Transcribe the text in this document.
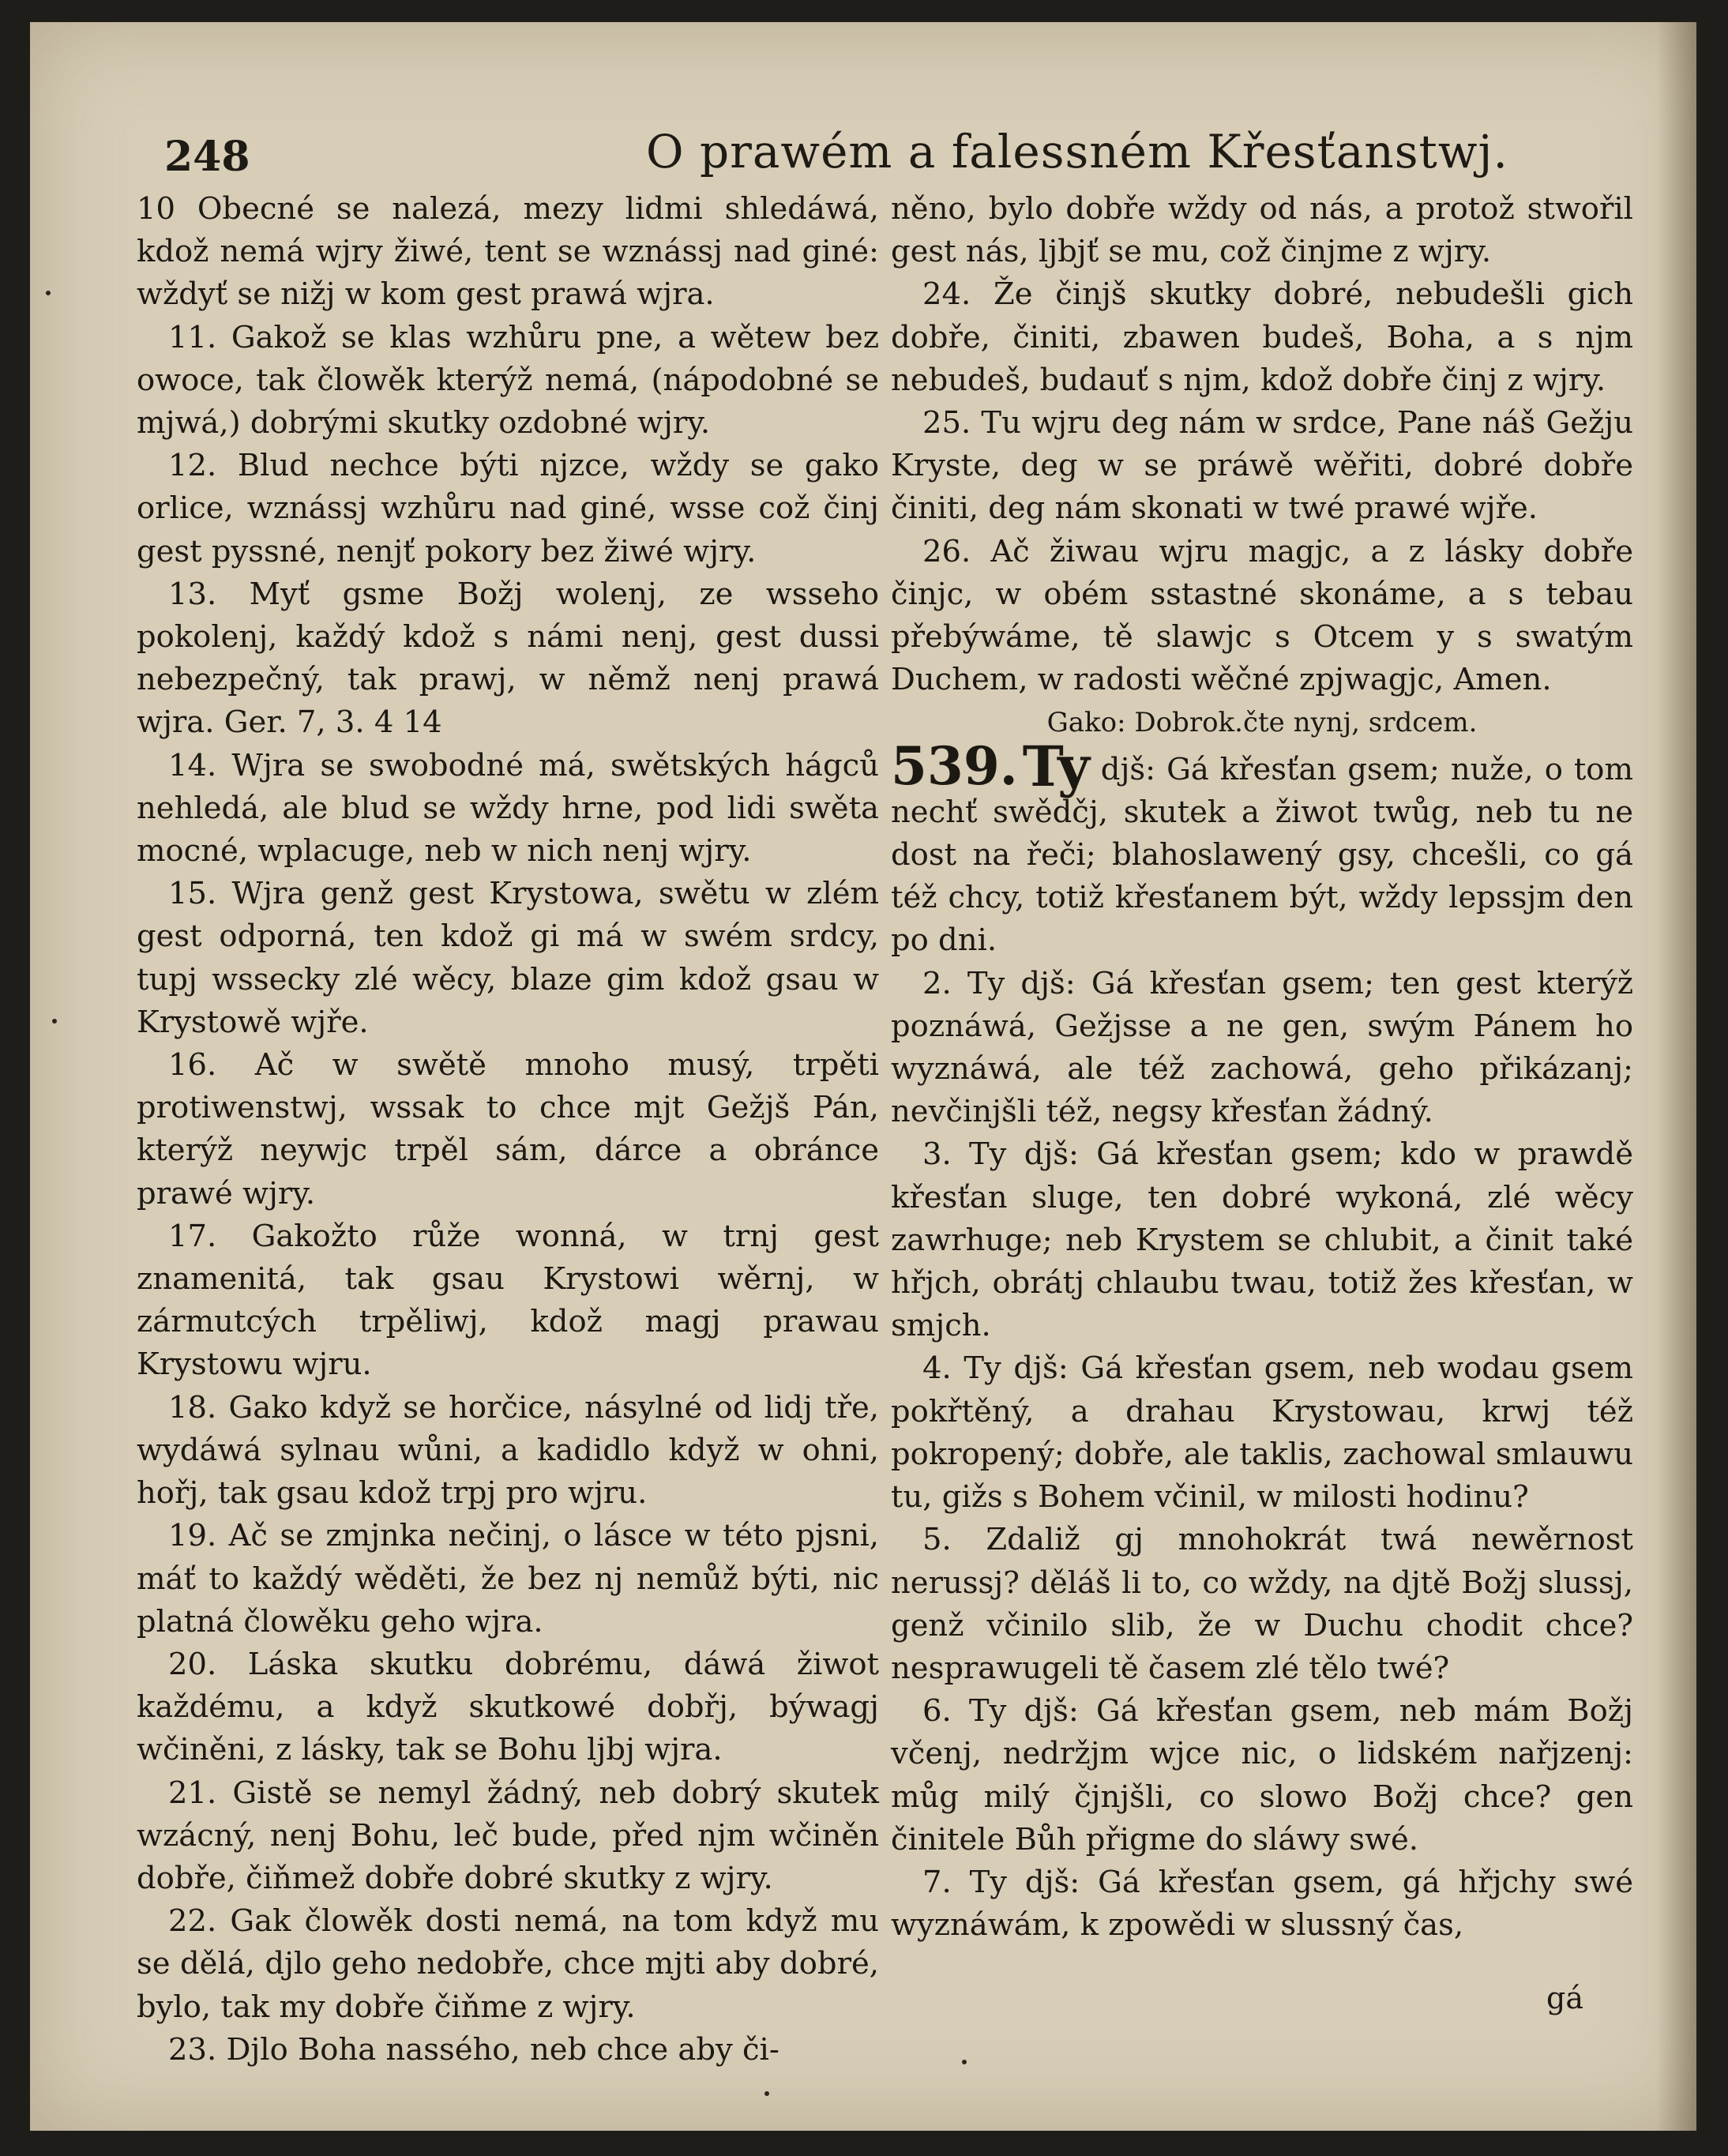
248	O prawém a falessném Křesťanstwj.

10 Obecné se nalezá, mezy lidmi shledáwá, kdož nemá wjry žiwé, tent se wznássj nad giné: wždyť se nižj w kom gest prawá wjra.

11. Gakož se klas wzhůru pne, a wětew bez owoce, tak člowěk kterýž nemá, (nápodobné se mjwá,) dobrými skutky ozdobné wjry.

12. Blud nechce býti njzce, wždy se gako orlice, wznássj wzhůru nad giné, wsse což činj gest pyssné, nenjť pokory bez žiwé wjry.

13. Myť gsme Božj wolenj, ze wsseho pokolenj, každý kdož s námi nenj, gest dussi nebezpečný, tak prawj, w němž nenj prawá wjra. Ger. 7, 3. 4 14

14. Wjra se swobodné má, swětských hágců nehledá, ale blud se wždy hrne, pod lidi swěta mocné, wplacuge, neb w nich nenj wjry.

15. Wjra genž gest Krystowa, swětu w zlém gest odporná, ten kdož gi má w swém srdcy, tupj wssecky zlé wěcy, blaze gim kdož gsau w Krystowě wjře.

16. Ač w swětě mnoho musý, trpěti protiwenstwj, wssak to chce mjt Gežjš Pán, kterýž neywjc trpěl sám, dárce a obránce prawé wjry.

17. Gakožto růže wonná, w trnj gest znamenitá, tak gsau Krystowi wěrnj, w zármutcých trpěliwj, kdož magj prawau Krystowu wjru.

18. Gako když se horčice, násylné od lidj tře, wydáwá sylnau wůni, a kadidlo když w ohni, hořj, tak gsau kdož trpj pro wjru.

19. Ač se zmjnka nečinj, o lásce w této pjsni, máť to každý wěděti, že bez nj nemůž býti, nic platná člowěku geho wjra.

20. Láska skutku dobrému, dáwá žiwot každému, a když skutkowé dobřj, býwagj wčiněni, z lásky, tak se Bohu ljbj wjra.

21. Gistě se nemyl žádný, neb dobrý skutek wzácný, nenj Bohu, leč bude, před njm wčiněn dobře, čiňmež dobře dobré skutky z wjry.

22. Gak člowěk dosti nemá, na tom když mu se dělá, djlo geho nedobře, chce mjti aby dobré, bylo, tak my dobře čiňme z wjry.

23. Djlo Boha nassého, neb chce aby či-

něno, bylo dobře wždy od nás, a protož stwořil gest nás, ljbjť se mu, což činjme z wjry.

24. Že činjš skutky dobré, nebudešli gich dobře, činiti, zbawen budeš, Boha, a s njm nebudeš, budauť s njm, kdož dobře činj z wjry.

25. Tu wjru deg nám w srdce, Pane náš Gežju Kryste, deg w se práwě wěřiti, dobré dobře činiti, deg nám skonati w twé prawé wjře.

26. Ač žiwau wjru magjc, a z lásky dobře činjc, w obém sstastné skonáme, a s tebau přebýwáme, tě slawjc s Otcem y s swatým Duchem, w radosti wěčné zpjwagjc, Amen.

Gako: Dobrok.čte nynj, srdcem.

539.Ty djš: Gá křesťan gsem; nuže, o tom nechť swědčj, skutek a žiwot twůg, neb tu ne dost na řeči; blahoslawený gsy, chcešli, co gá též chcy, totiž křesťanem být, wždy lepssjm den po dni.

2. Ty djš: Gá křesťan gsem; ten gest kterýž poznáwá, Gežjsse a ne gen, swým Pánem ho wyznáwá, ale též zachowá, geho přikázanj; nevčinjšli též, negsy křesťan žádný.

3. Ty djš: Gá křesťan gsem; kdo w prawdě křesťan sluge, ten dobré wykoná, zlé wěcy zawrhuge; neb Krystem se chlubit, a činit také hřjch, obrátj chlaubu twau, totiž žes křesťan, w smjch.

4. Ty djš: Gá křesťan gsem, neb wodau gsem pokřtěný, a drahau Krystowau, krwj též pokropený; dobře, ale taklis, zachowal smlauwu tu, gižs s Bohem včinil, w milosti hodinu?

5. Zdaliž gj mnohokrát twá newěrnost nerussj? děláš li to, co wždy, na djtě Božj slussj, genž včinilo slib, že w Duchu chodit chce? nesprawugeli tě časem zlé tělo twé?

6. Ty djš: Gá křesťan gsem, neb mám Božj včenj, nedržjm wjce nic, o lidském nařjzenj: můg milý čjnjšli, co slowo Božj chce? gen činitele Bůh přigme do sláwy swé.

7. Ty djš: Gá křesťan gsem, gá hřjchy swé wyznáwám, k zpowědi w slussný čas,

gá
